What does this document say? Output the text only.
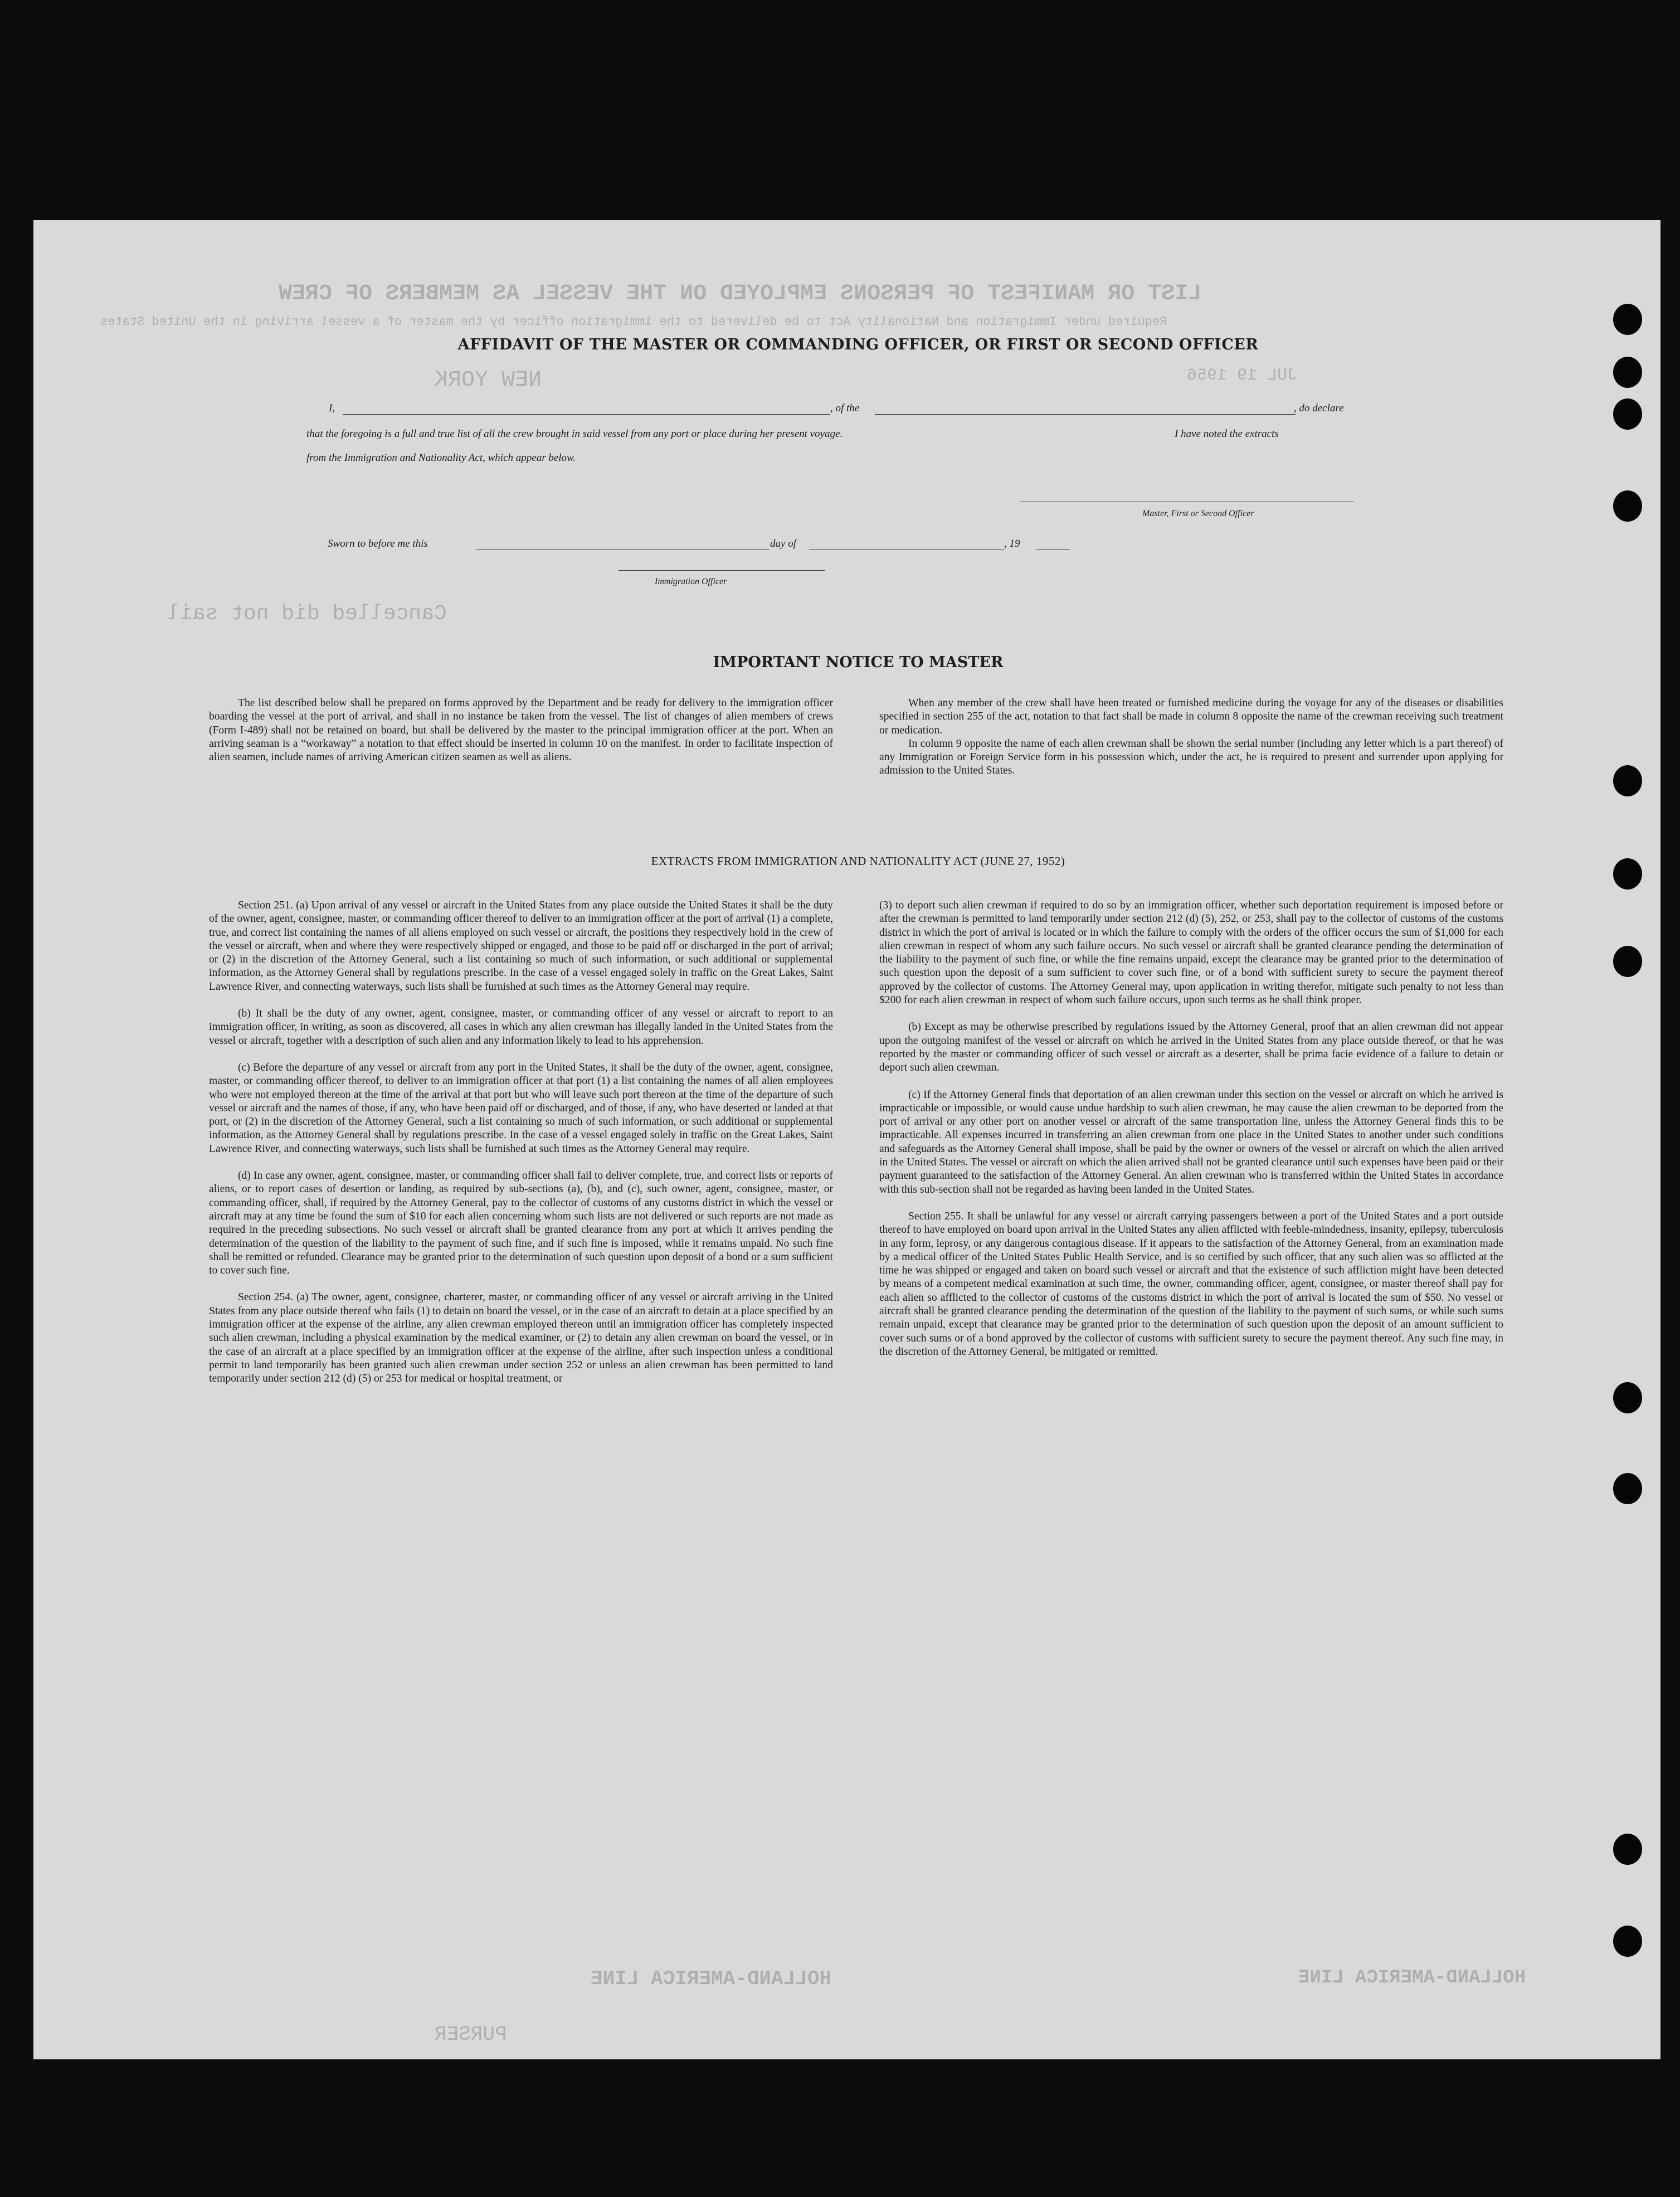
LIST OR MANIFEST OF PERSONS EMPLOYED ON THE VESSEL AS MEMBERS OF CREW
Required under Immigration and Nationality Act to be delivered to the immigration officer by the master of a vessel arriving in the United States
NEW YORK	JUL 19 1956
Cancelled did not sail
HOLLAND-AMERICA LINE	HOLLAND-AMERICA LINE
PURSER
AFFIDAVIT OF THE MASTER OR COMMANDING OFFICER, OR FIRST OR SECOND OFFICER
I,	, of the	, do declare
that the foregoing is a full and true list of all the crew brought in said vessel from any port or place during her present voyage.	I have noted the extracts
from the Immigration and Nationality Act, which appear below.
Master, First or Second Officer
Sworn to before me this	day of	, 19
Immigration Officer
IMPORTANT NOTICE TO MASTER

The list described below shall be prepared on forms approved by the Department and be ready for delivery to the immigration officer boarding the vessel at the port of arrival, and shall in no instance be taken from the vessel. The list of changes of alien members of crews (Form I-489) shall not be retained on board, but shall be delivered by the master to the principal immigration officer at the port. When an arriving seaman is a “workaway” a notation to that effect should be inserted in column 10 on the manifest. In order to facilitate inspection of alien seamen, include names of arriving American citizen seamen as well as aliens.

When any member of the crew shall have been treated or furnished medicine during the voyage for any of the diseases or disabilities specified in section 255 of the act, notation to that fact shall be made in column 8 opposite the name of the crewman receiving such treatment or medication.

In column 9 opposite the name of each alien crewman shall be shown the serial number (including any letter which is a part thereof) of any Immigration or Foreign Service form in his possession which, under the act, he is required to present and surrender upon applying for admission to the United States.

EXTRACTS FROM IMMIGRATION AND NATIONALITY ACT (JUNE 27, 1952)

Section 251. (a) Upon arrival of any vessel or aircraft in the United States from any place outside the United States it shall be the duty of the owner, agent, consignee, master, or commanding officer thereof to deliver to an immigration officer at the port of arrival (1) a complete, true, and correct list containing the names of all aliens employed on such vessel or aircraft, the positions they respectively hold in the crew of the vessel or aircraft, when and where they were respectively shipped or engaged, and those to be paid off or discharged in the port of arrival; or (2) in the discretion of the Attorney General, such a list containing so much of such information, or such additional or supplemental information, as the Attorney General shall by regulations prescribe. In the case of a vessel engaged solely in traffic on the Great Lakes, Saint Lawrence River, and connecting waterways, such lists shall be furnished at such times as the Attorney General may require.

(b) It shall be the duty of any owner, agent, consignee, master, or commanding officer of any vessel or aircraft to report to an immigration officer, in writing, as soon as discovered, all cases in which any alien crewman has illegally landed in the United States from the vessel or aircraft, together with a description of such alien and any information likely to lead to his apprehension.

(c) Before the departure of any vessel or aircraft from any port in the United States, it shall be the duty of the owner, agent, consignee, master, or commanding officer thereof, to deliver to an immigration officer at that port (1) a list containing the names of all alien employees who were not employed thereon at the time of the arrival at that port but who will leave such port thereon at the time of the departure of such vessel or aircraft and the names of those, if any, who have been paid off or discharged, and of those, if any, who have deserted or landed at that port, or (2) in the discretion of the Attorney General, such a list containing so much of such information, or such additional or supplemental information, as the Attorney General shall by regulations prescribe. In the case of a vessel engaged solely in traffic on the Great Lakes, Saint Lawrence River, and connecting waterways, such lists shall be furnished at such times as the Attorney General may require.

(d) In case any owner, agent, consignee, master, or commanding officer shall fail to deliver complete, true, and correct lists or reports of aliens, or to report cases of desertion or landing, as required by sub-sections (a), (b), and (c), such owner, agent, consignee, master, or commanding officer, shall, if required by the Attorney General, pay to the collector of customs of any customs district in which the vessel or aircraft may at any time be found the sum of $10 for each alien concerning whom such lists are not delivered or such reports are not made as required in the preceding subsections. No such vessel or aircraft shall be granted clearance from any port at which it arrives pending the determination of the question of the liability to the payment of such fine, and if such fine is imposed, while it remains unpaid. No such fine shall be remitted or refunded. Clearance may be granted prior to the determination of such question upon deposit of a bond or a sum sufficient to cover such fine.

Section 254. (a) The owner, agent, consignee, charterer, master, or commanding officer of any vessel or aircraft arriving in the United States from any place outside thereof who fails (1) to detain on board the vessel, or in the case of an aircraft to detain at a place specified by an immigration officer at the expense of the airline, any alien crewman employed thereon until an immigration officer has completely inspected such alien crewman, including a physical examination by the medical examiner, or (2) to detain any alien crewman on board the vessel, or in the case of an aircraft at a place specified by an immigration officer at the expense of the airline, after such inspection unless a conditional permit to land temporarily has been granted such alien crewman under section 252 or unless an alien crewman has been permitted to land temporarily under section 212 (d) (5) or 253 for medical or hospital treatment, or

(3) to deport such alien crewman if required to do so by an immigration officer, whether such deportation requirement is imposed before or after the crewman is permitted to land temporarily under section 212 (d) (5), 252, or 253, shall pay to the collector of customs of the customs district in which the port of arrival is located or in which the failure to comply with the orders of the officer occurs the sum of $1,000 for each alien crewman in respect of whom any such failure occurs. No such vessel or aircraft shall be granted clearance pending the determination of the liability to the payment of such fine, or while the fine remains unpaid, except the clearance may be granted prior to the determination of such question upon the deposit of a sum sufficient to cover such fine, or of a bond with sufficient surety to secure the payment thereof approved by the collector of customs. The Attorney General may, upon application in writing therefor, mitigate such penalty to not less than $200 for each alien crewman in respect of whom such failure occurs, upon such terms as he shall think proper.

(b) Except as may be otherwise prescribed by regulations issued by the Attorney General, proof that an alien crewman did not appear upon the outgoing manifest of the vessel or aircraft on which he arrived in the United States from any place outside thereof, or that he was reported by the master or commanding officer of such vessel or aircraft as a deserter, shall be prima facie evidence of a failure to detain or deport such alien crewman.

(c) If the Attorney General finds that deportation of an alien crewman under this section on the vessel or aircraft on which he arrived is impracticable or impossible, or would cause undue hardship to such alien crewman, he may cause the alien crewman to be deported from the port of arrival or any other port on another vessel or aircraft of the same transportation line, unless the Attorney General finds this to be impracticable. All expenses incurred in transferring an alien crewman from one place in the United States to another under such conditions and safeguards as the Attorney General shall impose, shall be paid by the owner or owners of the vessel or aircraft on which the alien arrived in the United States. The vessel or aircraft on which the alien arrived shall not be granted clearance until such expenses have been paid or their payment guaranteed to the satisfaction of the Attorney General. An alien crewman who is transferred within the United States in accordance with this sub-section shall not be regarded as having been landed in the United States.

Section 255. It shall be unlawful for any vessel or aircraft carrying passengers between a port of the United States and a port outside thereof to have employed on board upon arrival in the United States any alien afflicted with feeble-mindedness, insanity, epilepsy, tuberculosis in any form, leprosy, or any dangerous contagious disease. If it appears to the satisfaction of the Attorney General, from an examination made by a medical officer of the United States Public Health Service, and is so certified by such officer, that any such alien was so afflicted at the time he was shipped or engaged and taken on board such vessel or aircraft and that the existence of such affliction might have been detected by means of a competent medical examination at such time, the owner, commanding officer, agent, consignee, or master thereof shall pay for each alien so afflicted to the collector of customs of the customs district in which the port of arrival is located the sum of $50. No vessel or aircraft shall be granted clearance pending the determination of the question of the liability to the payment of such sums, or while such sums remain unpaid, except that clearance may be granted prior to the determination of such question upon the deposit of an amount sufficient to cover such sums or of a bond approved by the collector of customs with sufficient surety to secure the payment thereof. Any such fine may, in the discretion of the Attorney General, be mitigated or remitted.
